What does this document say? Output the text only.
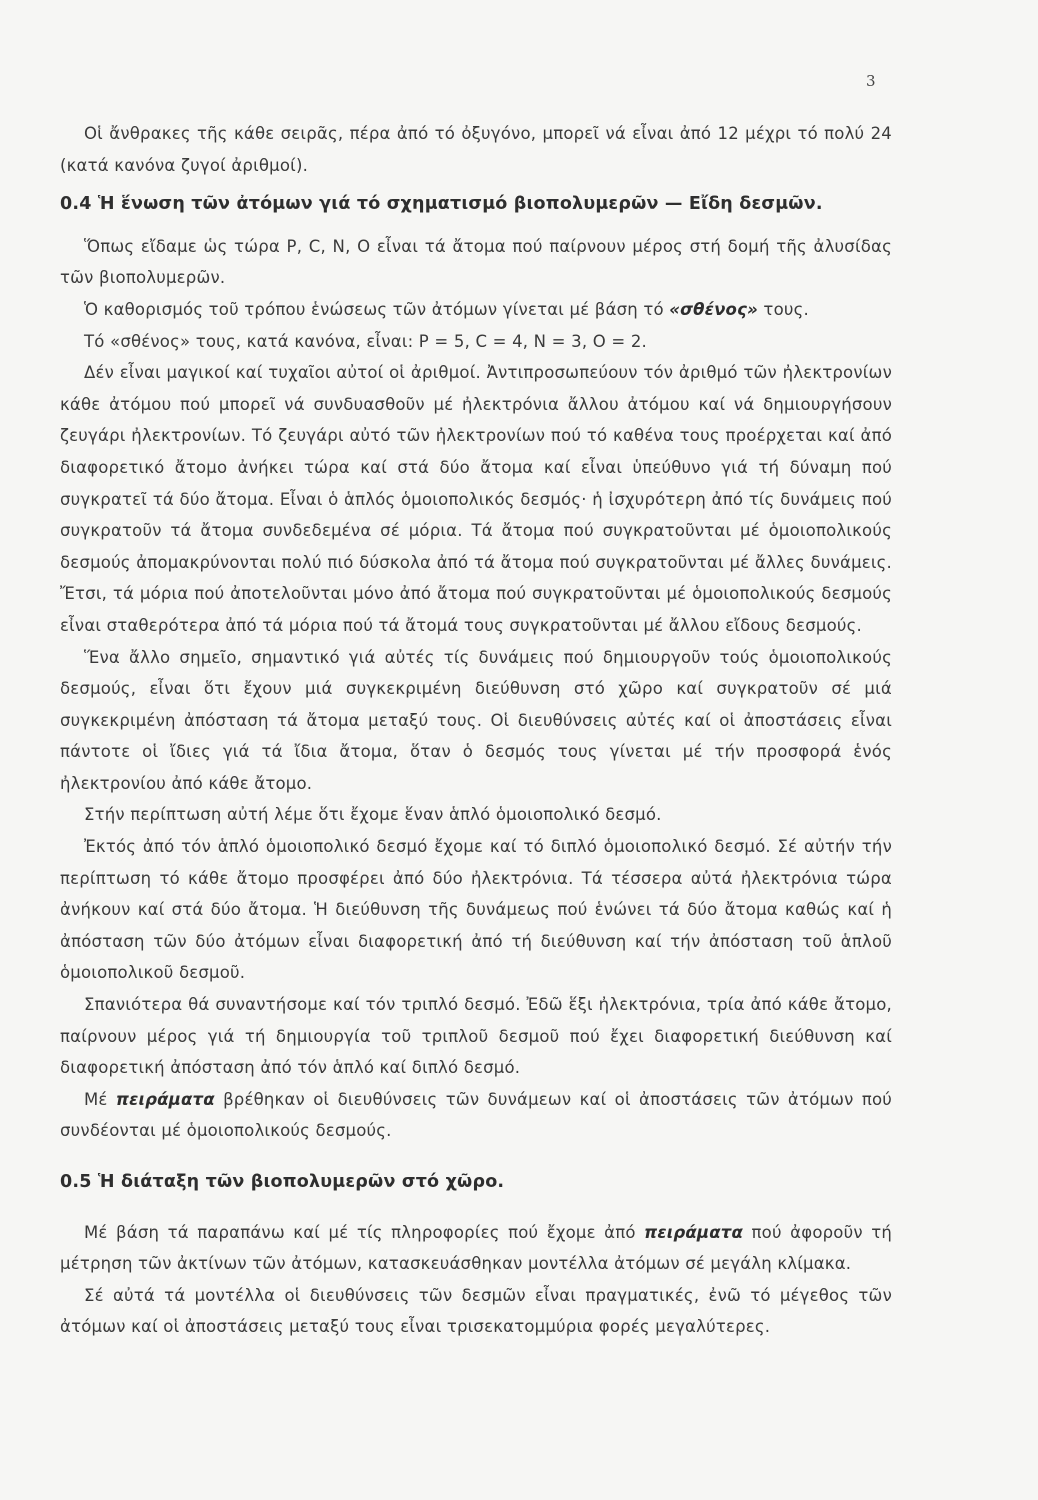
3

Οἱ ἄνθρακες τῆς κάθε σειρᾶς, πέρα ἀπό τό ὀξυγόνο, μπορεῖ νά εἶναι ἀπό 12 μέχρι τό πολύ 24 (κατά κανόνα ζυγοί ἀριθμοί).

0.4 Ἡ ἕνωση τῶν ἀτόμων γιά τό σχηματισμό βιοπολυμερῶν — Εἴδη δεσμῶν.

Ὅπως εἴδαμε ὡς τώρα P, C, N, O εἶναι τά ἄτομα πού παίρνουν μέρος στή δομή τῆς ἀλυσίδας τῶν βιοπολυμερῶν.

Ὁ καθορισμός τοῦ τρόπου ἑνώσεως τῶν ἀτόμων γίνεται μέ βάση τό «σθένος» τους.

Τό «σθένος» τους, κατά κανόνα, εἶναι: P = 5, C = 4, N = 3, O = 2.

Δέν εἶναι μαγικοί καί τυχαῖοι αὐτοί οἱ ἀριθμοί. Ἀντιπροσωπεύουν τόν ἀριθμό τῶν ἠλεκτρονίων κάθε ἀτόμου πού μπορεῖ νά συνδυασθοῦν μέ ἠλεκτρόνια ἄλλου ἀτόμου καί νά δημιουργήσουν ζευγάρι ἠλεκτρονίων. Τό ζευγάρι αὐτό τῶν ἠλεκτρονίων πού τό καθένα τους προέρχεται καί ἀπό διαφορετικό ἄτομο ἀνήκει τώρα καί στά δύο ἄτομα καί εἶναι ὑπεύθυνο γιά τή δύναμη πού συγκρατεῖ τά δύο ἄτομα. Εἶναι ὁ ἁπλός ὁμοιοπολικός δεσμός· ἡ ἰσχυρότερη ἀπό τίς δυνάμεις πού συγκρατοῦν τά ἄτομα συνδεδεμένα σέ μόρια. Τά ἄτομα πού συγκρατοῦνται μέ ὁμοιοπολικούς δεσμούς ἀπομακρύνονται πολύ πιό δύσκολα ἀπό τά ἄτομα πού συγκρατοῦνται μέ ἄλλες δυνάμεις. Ἔτσι, τά μόρια πού ἀποτελοῦνται μόνο ἀπό ἄτομα πού συγκρατοῦνται μέ ὁμοιοπολικούς δεσμούς εἶναι σταθερότερα ἀπό τά μόρια πού τά ἄτομά τους συγκρατοῦνται μέ ἄλλου εἴδους δεσμούς.

Ἕνα ἄλλο σημεῖο, σημαντικό γιά αὐτές τίς δυνάμεις πού δημιουργοῦν τούς ὁμοιοπολικούς δεσμούς, εἶναι ὅτι ἔχουν μιά συγκεκριμένη διεύθυνση στό χῶρο καί συγκρατοῦν σέ μιά συγκεκριμένη ἀπόσταση τά ἄτομα μεταξύ τους. Οἱ διευθύνσεις αὐτές καί οἱ ἀποστάσεις εἶναι πάντοτε οἱ ἴδιες γιά τά ἴδια ἄτομα, ὅταν ὁ δεσμός τους γίνεται μέ τήν προσφορά ἑνός ἠλεκτρονίου ἀπό κάθε ἄτομο.

Στήν περίπτωση αὐτή λέμε ὅτι ἔχομε ἕναν ἁπλό ὁμοιοπολικό δεσμό.

Ἐκτός ἀπό τόν ἁπλό ὁμοιοπολικό δεσμό ἔχομε καί τό διπλό ὁμοιοπολικό δεσμό. Σέ αὐτήν τήν περίπτωση τό κάθε ἄτομο προσφέρει ἀπό δύο ἠλεκτρόνια. Τά τέσσερα αὐτά ἠλεκτρόνια τώρα ἀνήκουν καί στά δύο ἄτομα. Ἡ διεύθυνση τῆς δυνάμεως πού ἑνώνει τά δύο ἄτομα καθώς καί ἡ ἀπόσταση τῶν δύο ἀτόμων εἶναι διαφορετική ἀπό τή διεύθυνση καί τήν ἀπόσταση τοῦ ἁπλοῦ ὁμοιοπολικοῦ δεσμοῦ.

Σπανιότερα θά συναντήσομε καί τόν τριπλό δεσμό. Ἐδῶ ἕξι ἠλεκτρόνια, τρία ἀπό κάθε ἄτομο, παίρνουν μέρος γιά τή δημιουργία τοῦ τριπλοῦ δεσμοῦ πού ἔχει διαφορετική διεύθυνση καί διαφορετική ἀπόσταση ἀπό τόν ἁπλό καί διπλό δεσμό.

Μέ πειράματα βρέθηκαν οἱ διευθύνσεις τῶν δυνάμεων καί οἱ ἀποστάσεις τῶν ἀτόμων πού συνδέονται μέ ὁμοιοπολικούς δεσμούς.

0.5 Ἡ διάταξη τῶν βιοπολυμερῶν στό χῶρο.

Μέ βάση τά παραπάνω καί μέ τίς πληροφορίες πού ἔχομε ἀπό πειράματα πού ἀφοροῦν τή μέτρηση τῶν ἀκτίνων τῶν ἀτόμων, κατασκευάσθηκαν μοντέλλα ἀτόμων σέ μεγάλη κλίμακα.

Σέ αὐτά τά μοντέλλα οἱ διευθύνσεις τῶν δεσμῶν εἶναι πραγματικές, ἐνῶ τό μέγεθος τῶν ἀτόμων καί οἱ ἀποστάσεις μεταξύ τους εἶναι τρισεκατομμύρια φορές μεγαλύτερες.
